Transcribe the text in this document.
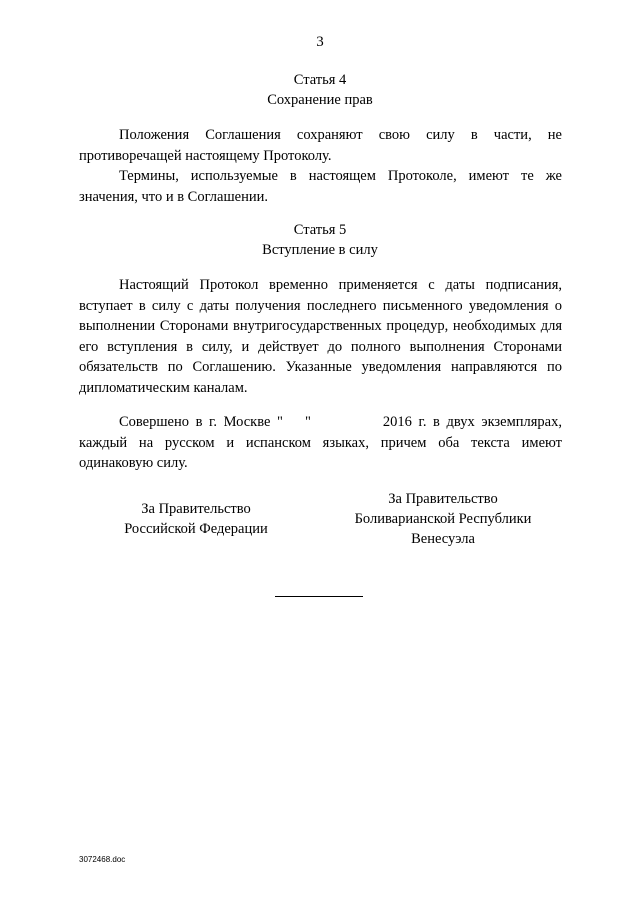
3
Статья 4
Сохранение прав

Положения Соглашения сохраняют свою силу в части, не противоречащей настоящему Протоколу.

Термины, используемые в настоящем Протоколе, имеют те же значения, что и в Соглашении.

Статья 5
Вступление в силу

Настоящий Протокол временно применяется с даты подписания, вступает в силу с даты получения последнего письменного уведомления о выполнении Сторонами внутригосударственных процедур, необходимых для его вступления в силу, и действует до полного выполнения Сторонами обязательств по Соглашению. Указанные уведомления направляются по дипломатическим каналам.

Совершено в г. Москве " "	2016 г. в двух экземплярах, каждый на русском и испанском языках, причем оба текста имеют одинаковую силу.

За Правительство
Российской Федерации
За Правительство
Боливарианской Республики
Венесуэла
3072468.doc
